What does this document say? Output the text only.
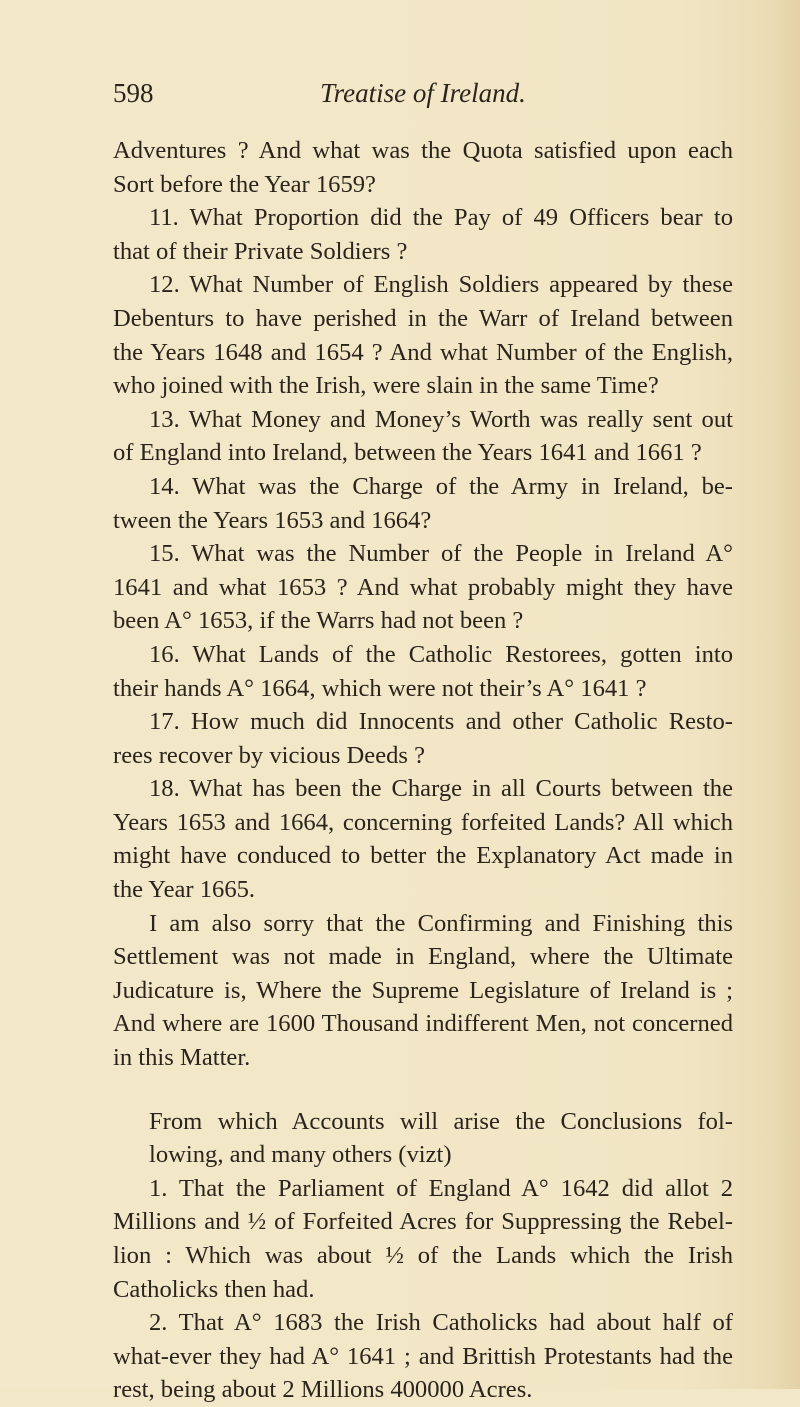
598	Treatise of Ireland.

Adventures ? And what was the Quota satisfied upon each

Sort before the Year 1659?

11. What Proportion did the Pay of 49 Officers bear to

that of their Private Soldiers ?

12. What Number of English Soldiers appeared by these

Debenturs to have perished in the Warr of Ireland between

the Years 1648 and 1654 ? And what Number of the English,

who joined with the Irish, were slain in the same Time?

13. What Money and Money’s Worth was really sent out

of England into Ireland, between the Years 1641 and 1661 ?

14. What was the Charge of the Army in Ireland, be-

tween the Years 1653 and 1664?

15. What was the Number of the People in Ireland A°

1641 and what 1653 ? And what probably might they have

been A° 1653, if the Warrs had not been ?

16. What Lands of the Catholic Restorees, gotten into

their hands A° 1664, which were not their’s A° 1641 ?

17. How much did Innocents and other Catholic Resto-

rees recover by vicious Deeds ?

18. What has been the Charge in all Courts between the

Years 1653 and 1664, concerning forfeited Lands? All which

might have conduced to better the Explanatory Act made in

the Year 1665.

I am also sorry that the Confirming and Finishing this

Settlement was not made in England, where the Ultimate

Judicature is, Where the Supreme Legislature of Ireland is ;

And where are 1600 Thousand indifferent Men, not concerned

in this Matter.

From which Accounts will arise the Conclusions fol-

lowing, and many others (vizt)

1. That the Parliament of England A° 1642 did allot 2

Millions and ½ of Forfeited Acres for Suppressing the Rebel-

lion : Which was about ½ of the Lands which the Irish

Catholicks then had.

2. That A° 1683 the Irish Catholicks had about half of

what-ever they had A° 1641 ; and Brittish Protestants had the

rest, being about 2 Millions 400000 Acres.
